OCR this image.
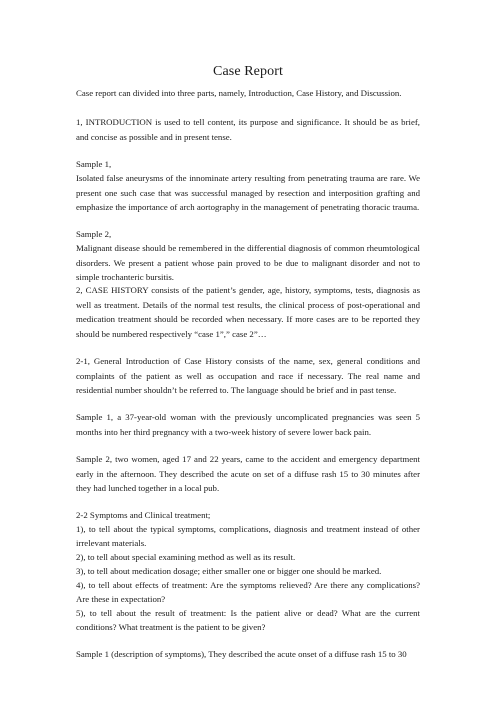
Case Report

Case report can divided into three parts, namely, Introduction, Case History, and Discussion.

1, INTRODUCTION is used to tell content, its purpose and significance. It should be as brief, and concise as possible and in present tense.

Sample 1,

Isolated false aneurysms of the innominate artery resulting from penetrating trauma are rare. We present one such case that was successful managed by resection and interposition grafting and emphasize the importance of arch aortography in the management of penetrating thoracic trauma.

Sample 2,

Malignant disease should be remembered in the differential diagnosis of common rheumtological disorders. We present a patient whose pain proved to be due to malignant disorder and not to simple trochanteric bursitis.

2, CASE HISTORY consists of the patient’s gender, age, history, symptoms, tests, diagnosis as well as treatment. Details of the normal test results, the clinical process of post-operational and medication treatment should be recorded when necessary. If more cases are to be reported they should be numbered respectively “case 1”,” case 2”…

2-1, General Introduction of Case History consists of the name, sex, general conditions and complaints of the patient as well as occupation and race if necessary. The real name and residential number shouldn’t be referred to. The language should be brief and in past tense.

Sample 1, a 37-year-old woman with the previously uncomplicated pregnancies was seen 5 months into her third pregnancy with a two-week history of severe lower back pain.

Sample 2, two women, aged 17 and 22 years, came to the accident and emergency department early in the afternoon. They described the acute on set of a diffuse rash 15 to 30 minutes after they had lunched together in a local pub.

2-2 Symptoms and Clinical treatment;

1), to tell about the typical symptoms, complications, diagnosis and treatment instead of other irrelevant materials.

2), to tell about special examining method as well as its result.

3), to tell about medication dosage; either smaller one or bigger one should be marked.

4), to tell about effects of treatment: Are the symptoms relieved? Are there any complications? Are these in expectation?

5), to tell about the result of treatment: Is the patient alive or dead? What are the current conditions? What treatment is the patient to be given?

Sample 1 (description of symptoms), They described the acute onset of a diffuse rash 15 to 30
